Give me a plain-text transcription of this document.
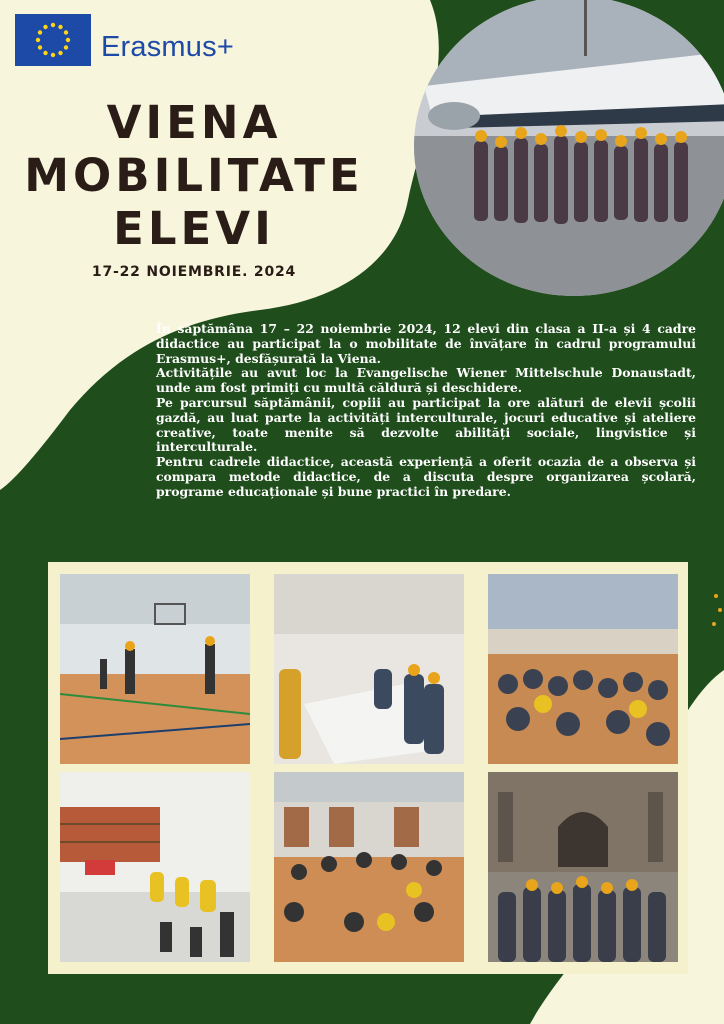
Erasmus+
VIENA
MOBILITATE
ELEVI
17-22 NOIEMBRIE. 2024

În săptămâna 17 – 22 noiembrie 2024, 12 elevi din clasa a II-a și 4 cadre didactice au participat la o mobilitate de învățare în cadrul programului Erasmus+, desfășurată la Viena.

Activitățile au avut loc la Evangelische Wiener Mittelschule Donaustadt, unde am fost primiți cu multă căldură și deschidere.

Pe parcursul săptămânii, copiii au participat la ore alături de elevii școlii gazdă, au luat parte la activități interculturale, jocuri educative și ateliere creative, toate menite să dezvolte abilități sociale, lingvistice și interculturale.

Pentru cadrele didactice, această experiență a oferit ocazia de a observa și compara metode didactice, de a discuta despre organizarea școlară, programe educaționale și bune practici în predare.
